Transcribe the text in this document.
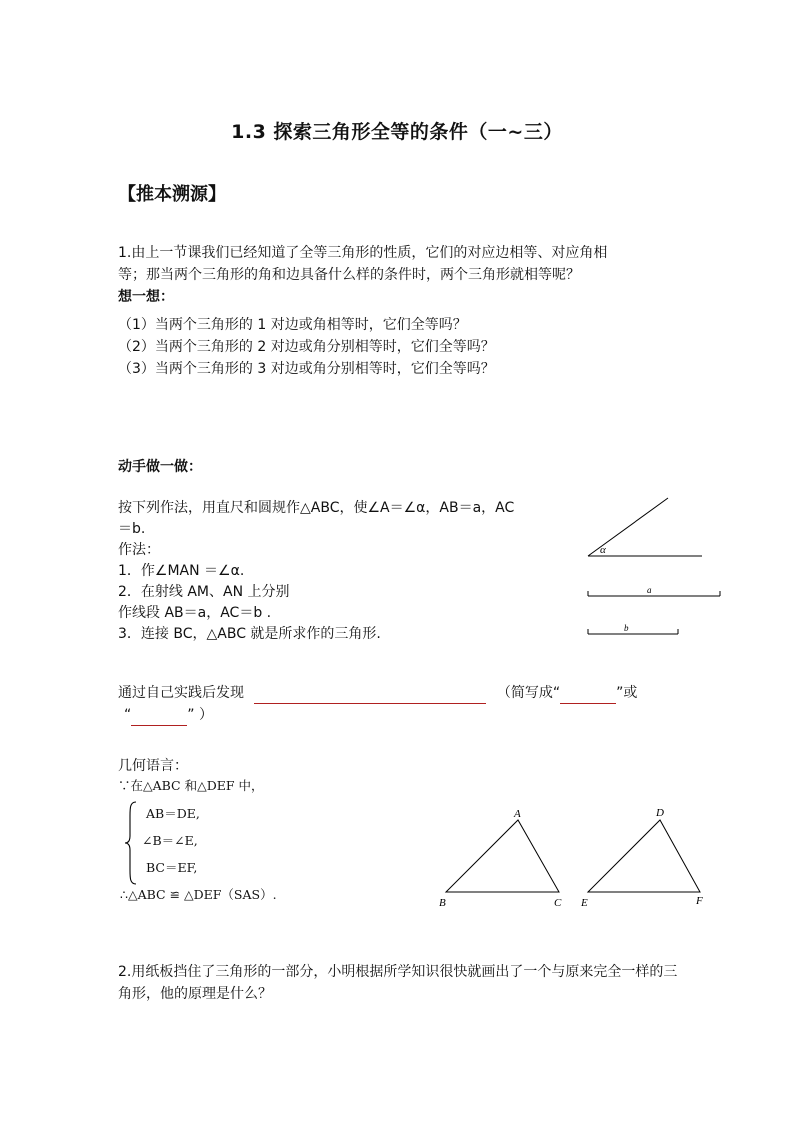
1.3 探索三角形全等的条件（一~三）
【推本溯源】
1.由上一节课我们已经知道了全等三角形的性质，它们的对应边相等、对应角相
等；那当两个三角形的角和边具备什么样的条件时，两个三角形就相等呢？
想一想：
（1）当两个三角形的 1 对边或角相等时，它们全等吗？
（2）当两个三角形的 2 对边或角分别相等时，它们全等吗？
（3）当两个三角形的 3 对边或角分别相等时，它们全等吗？
动手做一做：
按下列作法，用直尺和圆规作△ABC，使∠A＝∠α，AB＝a，AC
＝b.
作法：
1．作∠MAN ＝∠α.
2．在射线 AM、AN 上分别
作线段 AB＝a，AC＝b .
3．连接 BC，△ABC 就是所求作的三角形.
α
a
b
通过自己实践后发现	（简写成“	”或
“	” ）
几何语言：
∵在△ABC 和△DEF 中，
AB＝DE,
∠B＝∠E,
BC＝EF,
∴△ABC ≌ △DEF（SAS）.
A
B	C
D
E	F
2.用纸板挡住了三角形的一部分，小明根据所学知识很快就画出了一个与原来完全一样的三
角形，他的原理是什么？
